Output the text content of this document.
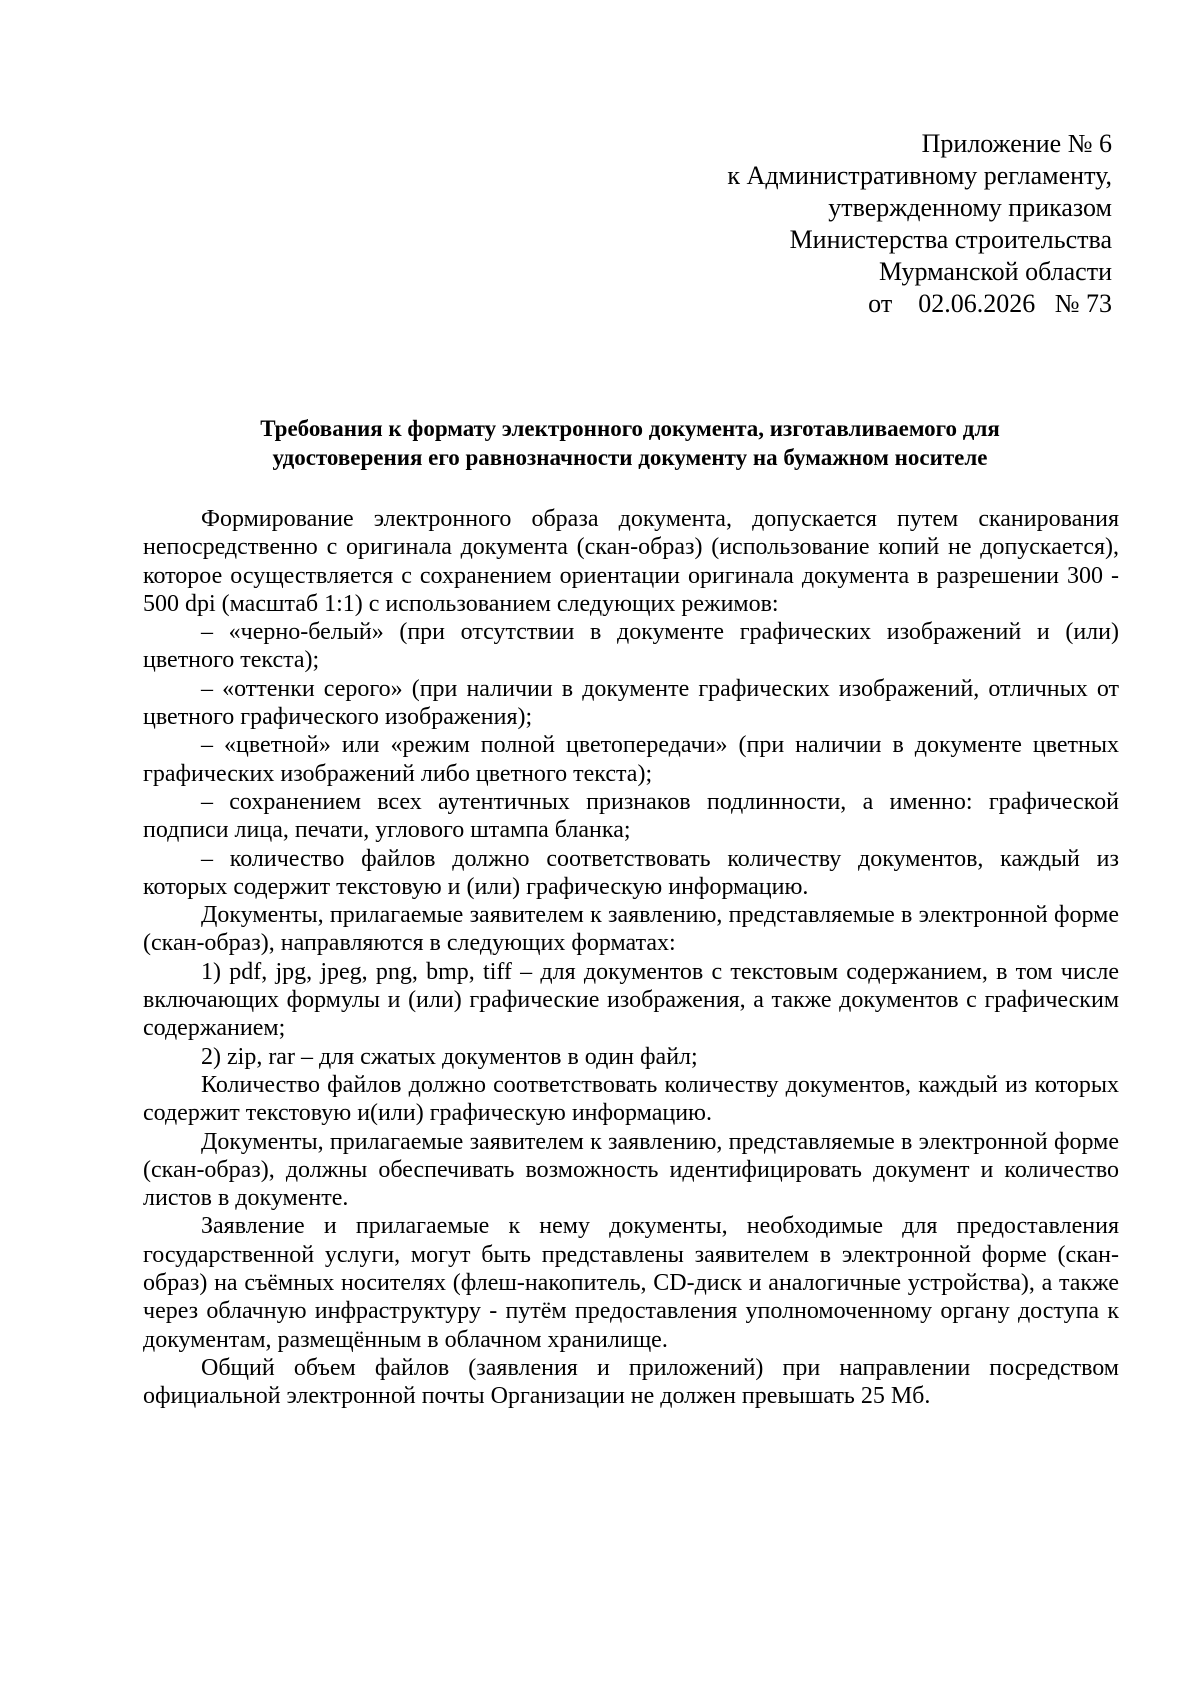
Приложение № 6
к Административному регламенту,
утвержденному приказом
Министерства строительства
Мурманской области
от 02.06.2026 № 73
Требования к формату электронного документа, изготавливаемого для
удостоверения его равнозначности документу на бумажном носителе

Формирование электронного образа документа, допускается путем сканирования непосредственно с оригинала документа (скан-образ) (использование копий не допускается), которое осуществляется с сохранением ориентации оригинала документа в разрешении 300 - 500 dpi (масштаб 1:1) с использованием следующих режимов:

– «черно-белый» (при отсутствии в документе графических изображений и (или) цветного текста);

– «оттенки серого» (при наличии в документе графических изображений, отличных от цветного графического изображения);

– «цветной» или «режим полной цветопередачи» (при наличии в документе цветных графических изображений либо цветного текста);

– сохранением всех аутентичных признаков подлинности, а именно: графической подписи лица, печати, углового штампа бланка;

– количество файлов должно соответствовать количеству документов, каждый из которых содержит текстовую и (или) графическую информацию.

Документы, прилагаемые заявителем к заявлению, представляемые в электронной форме (скан-образ), направляются в следующих форматах:

1) pdf, jpg, jpeg, png, bmp, tiff – для документов с текстовым содержанием, в том числе включающих формулы и (или) графические изображения, а также документов с графическим содержанием;

2) zip, rar – для сжатых документов в один файл;

Количество файлов должно соответствовать количеству документов, каждый из которых содержит текстовую и(или) графическую информацию.

Документы, прилагаемые заявителем к заявлению, представляемые в электронной форме (скан-образ), должны обеспечивать возможность идентифицировать документ и количество листов в документе.

Заявление и прилагаемые к нему документы, необходимые для предоставления государственной услуги, могут быть представлены заявителем в электронной форме (скан-образ) на съёмных носителях (флеш-накопитель, CD-диск и аналогичные устройства), а также через облачную инфраструктуру - путём предоставления уполномоченному органу доступа к документам, размещённым в облачном хранилище.

Общий объем файлов (заявления и приложений) при направлении посредством официальной электронной почты Организации не должен превышать 25 Мб.
